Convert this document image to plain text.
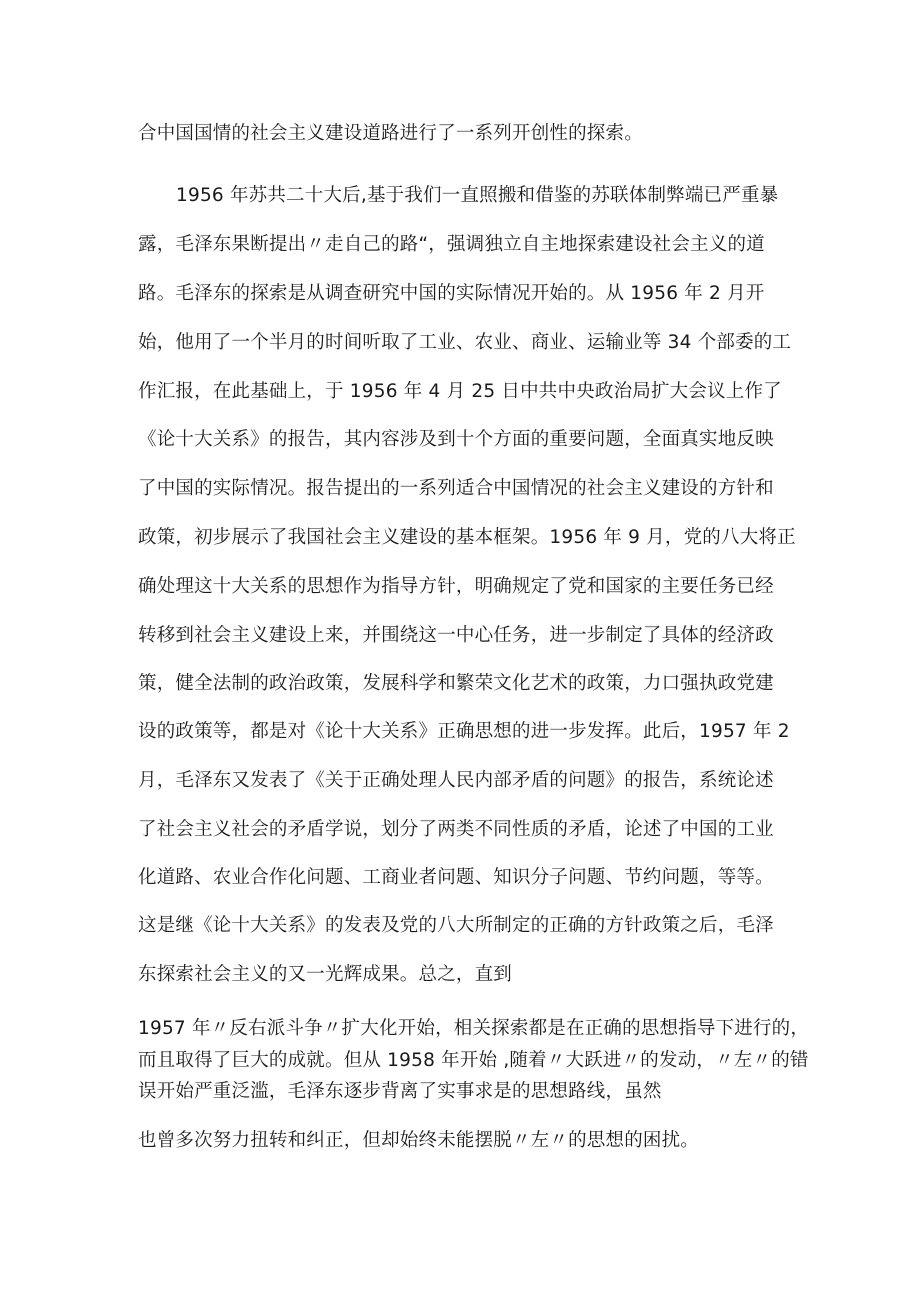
合中国国情的社会主义建设道路进行了一系列开创性的探索。
1956 年苏共二十大后,基于我们一直照搬和借鉴的苏联体制弊端已严重暴
露，毛泽东果断提出〃走自己的路“，强调独立自主地探索建设社会主义的道
路。毛泽东的探索是从调查研究中国的实际情况开始的。从 1956 年 2 月开
始，他用了一个半月的时间听取了工业、农业、商业、运输业等 34 个部委的工
作汇报，在此基础上，于 1956 年 4 月 25 日中共中央政治局扩大会议上作了
《论十大关系》的报告，其内容涉及到十个方面的重要问题，全面真实地反映
了中国的实际情况。报告提出的一系列适合中国情况的社会主义建设的方针和
政策，初步展示了我国社会主义建设的基本框架。1956 年 9 月，党的八大将正
确处理这十大关系的思想作为指导方针，明确规定了党和国家的主要任务已经
转移到社会主义建设上来，并围绕这一中心任务，进一步制定了具体的经济政
策，健全法制的政治政策，发展科学和繁荣文化艺术的政策，力口强执政党建
设的政策等，都是对《论十大关系》正确思想的进一步发挥。此后，1957 年 2
月，毛泽东又发表了《关于正确处理人民内部矛盾的问题》的报告，系统论述
了社会主义社会的矛盾学说，划分了两类不同性质的矛盾，论述了中国的工业
化道路、农业合作化问题、工商业者问题、知识分子问题、节约问题，等等。
这是继《论十大关系》的发表及党的八大所制定的正确的方针政策之后，毛泽
东探索社会主义的又一光辉成果。总之，直到
1957 年〃反右派斗争〃扩大化开始，相关探索都是在正确的思想指导下进行的，
而且取得了巨大的成就。但从 1958 年开始 ,随着〃大跃进〃的发动，〃左〃的错
误开始严重泛滥，毛泽东逐步背离了实事求是的思想路线，虽然
也曾多次努力扭转和纠正，但却始终未能摆脱〃左〃的思想的困扰。
